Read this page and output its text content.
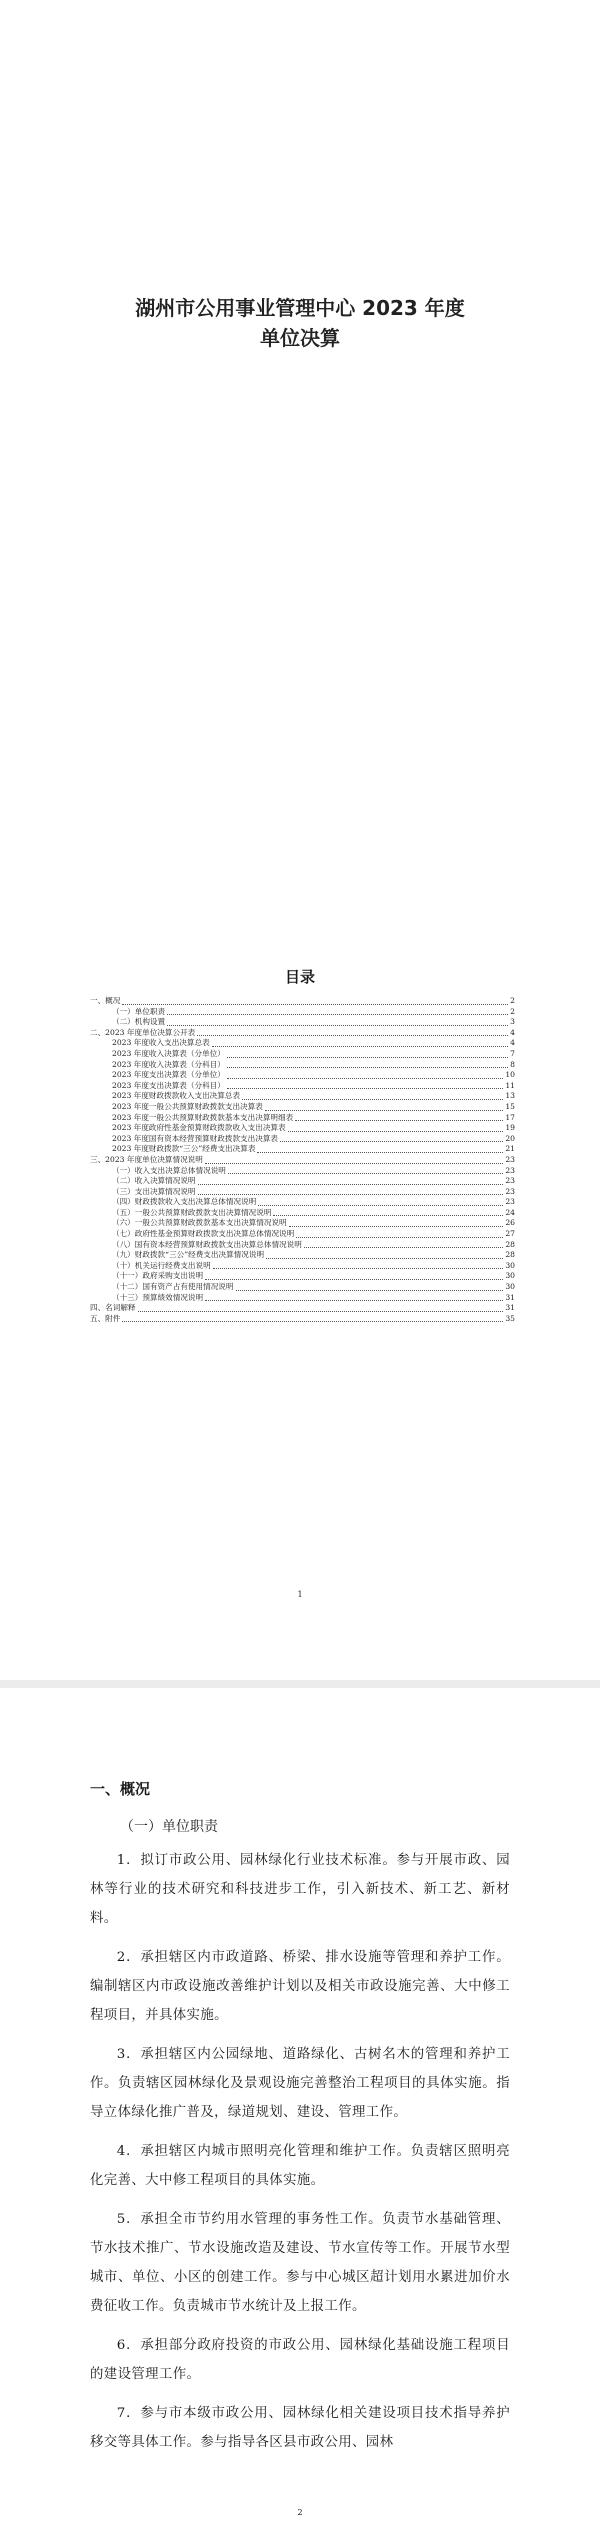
湖州市公用事业管理中心 2023 年度
单位决算
目录
一、概况	2
（一）单位职责	2
（二）机构设置	3
二、2023 年度单位决算公开表	4
2023 年度收入支出决算总表	4
2023 年度收入决算表（分单位）	7
2023 年度收入决算表（分科目）	8
2023 年度支出决算表（分单位）	10
2023 年度支出决算表（分科目）	11
2023 年度财政拨款收入支出决算总表	13
2023 年度一般公共预算财政拨款支出决算表	15
2023 年度一般公共预算财政拨款基本支出决算明细表	17
2023 年度政府性基金预算财政拨款收入支出决算表	19
2023 年度国有资本经营预算财政拨款支出决算表	20
2023 年度财政拨款“三公”经费支出决算表	21
三、2023 年度单位决算情况说明	23
（一）收入支出决算总体情况说明	23
（二）收入决算情况说明	23
（三）支出决算情况说明	23
（四）财政拨款收入支出决算总体情况说明	23
（五）一般公共预算财政拨款支出决算情况说明	24
（六）一般公共预算财政拨款基本支出决算情况说明	26
（七）政府性基金预算财政拨款支出决算总体情况说明	27
（八）国有资本经营预算财政拨款支出决算总体情况说明	28
（九）财政拨款“三公”经费支出决算情况说明	28
（十）机关运行经费支出说明	30
（十一）政府采购支出说明	30
（十二）国有资产占有使用情况说明	30
（十三）预算绩效情况说明	31
四、名词解释	31
五、附件	35
1
一、概况
（一）单位职责

1．拟订市政公用、园林绿化行业技术标准。参与开展市政、园林等行业的技术研究和科技进步工作，引入新技术、新工艺、新材料。

2．承担辖区内市政道路、桥梁、排水设施等管理和养护工作。编制辖区内市政设施改善维护计划以及相关市政设施完善、大中修工程项目，并具体实施。

3．承担辖区内公园绿地、道路绿化、古树名木的管理和养护工作。负责辖区园林绿化及景观设施完善整治工程项目的具体实施。指导立体绿化推广普及，绿道规划、建设、管理工作。

4．承担辖区内城市照明亮化管理和维护工作。负责辖区照明亮化完善、大中修工程项目的具体实施。

5．承担全市节约用水管理的事务性工作。负责节水基础管理、节水技术推广、节水设施改造及建设、节水宣传等工作。开展节水型城市、单位、小区的创建工作。参与中心城区超计划用水累进加价水费征收工作。负责城市节水统计及上报工作。

6．承担部分政府投资的市政公用、园林绿化基础设施工程项目的建设管理工作。

7．参与市本级市政公用、园林绿化相关建设项目技术指导养护移交等具体工作。参与指导各区县市政公用、园林

2
